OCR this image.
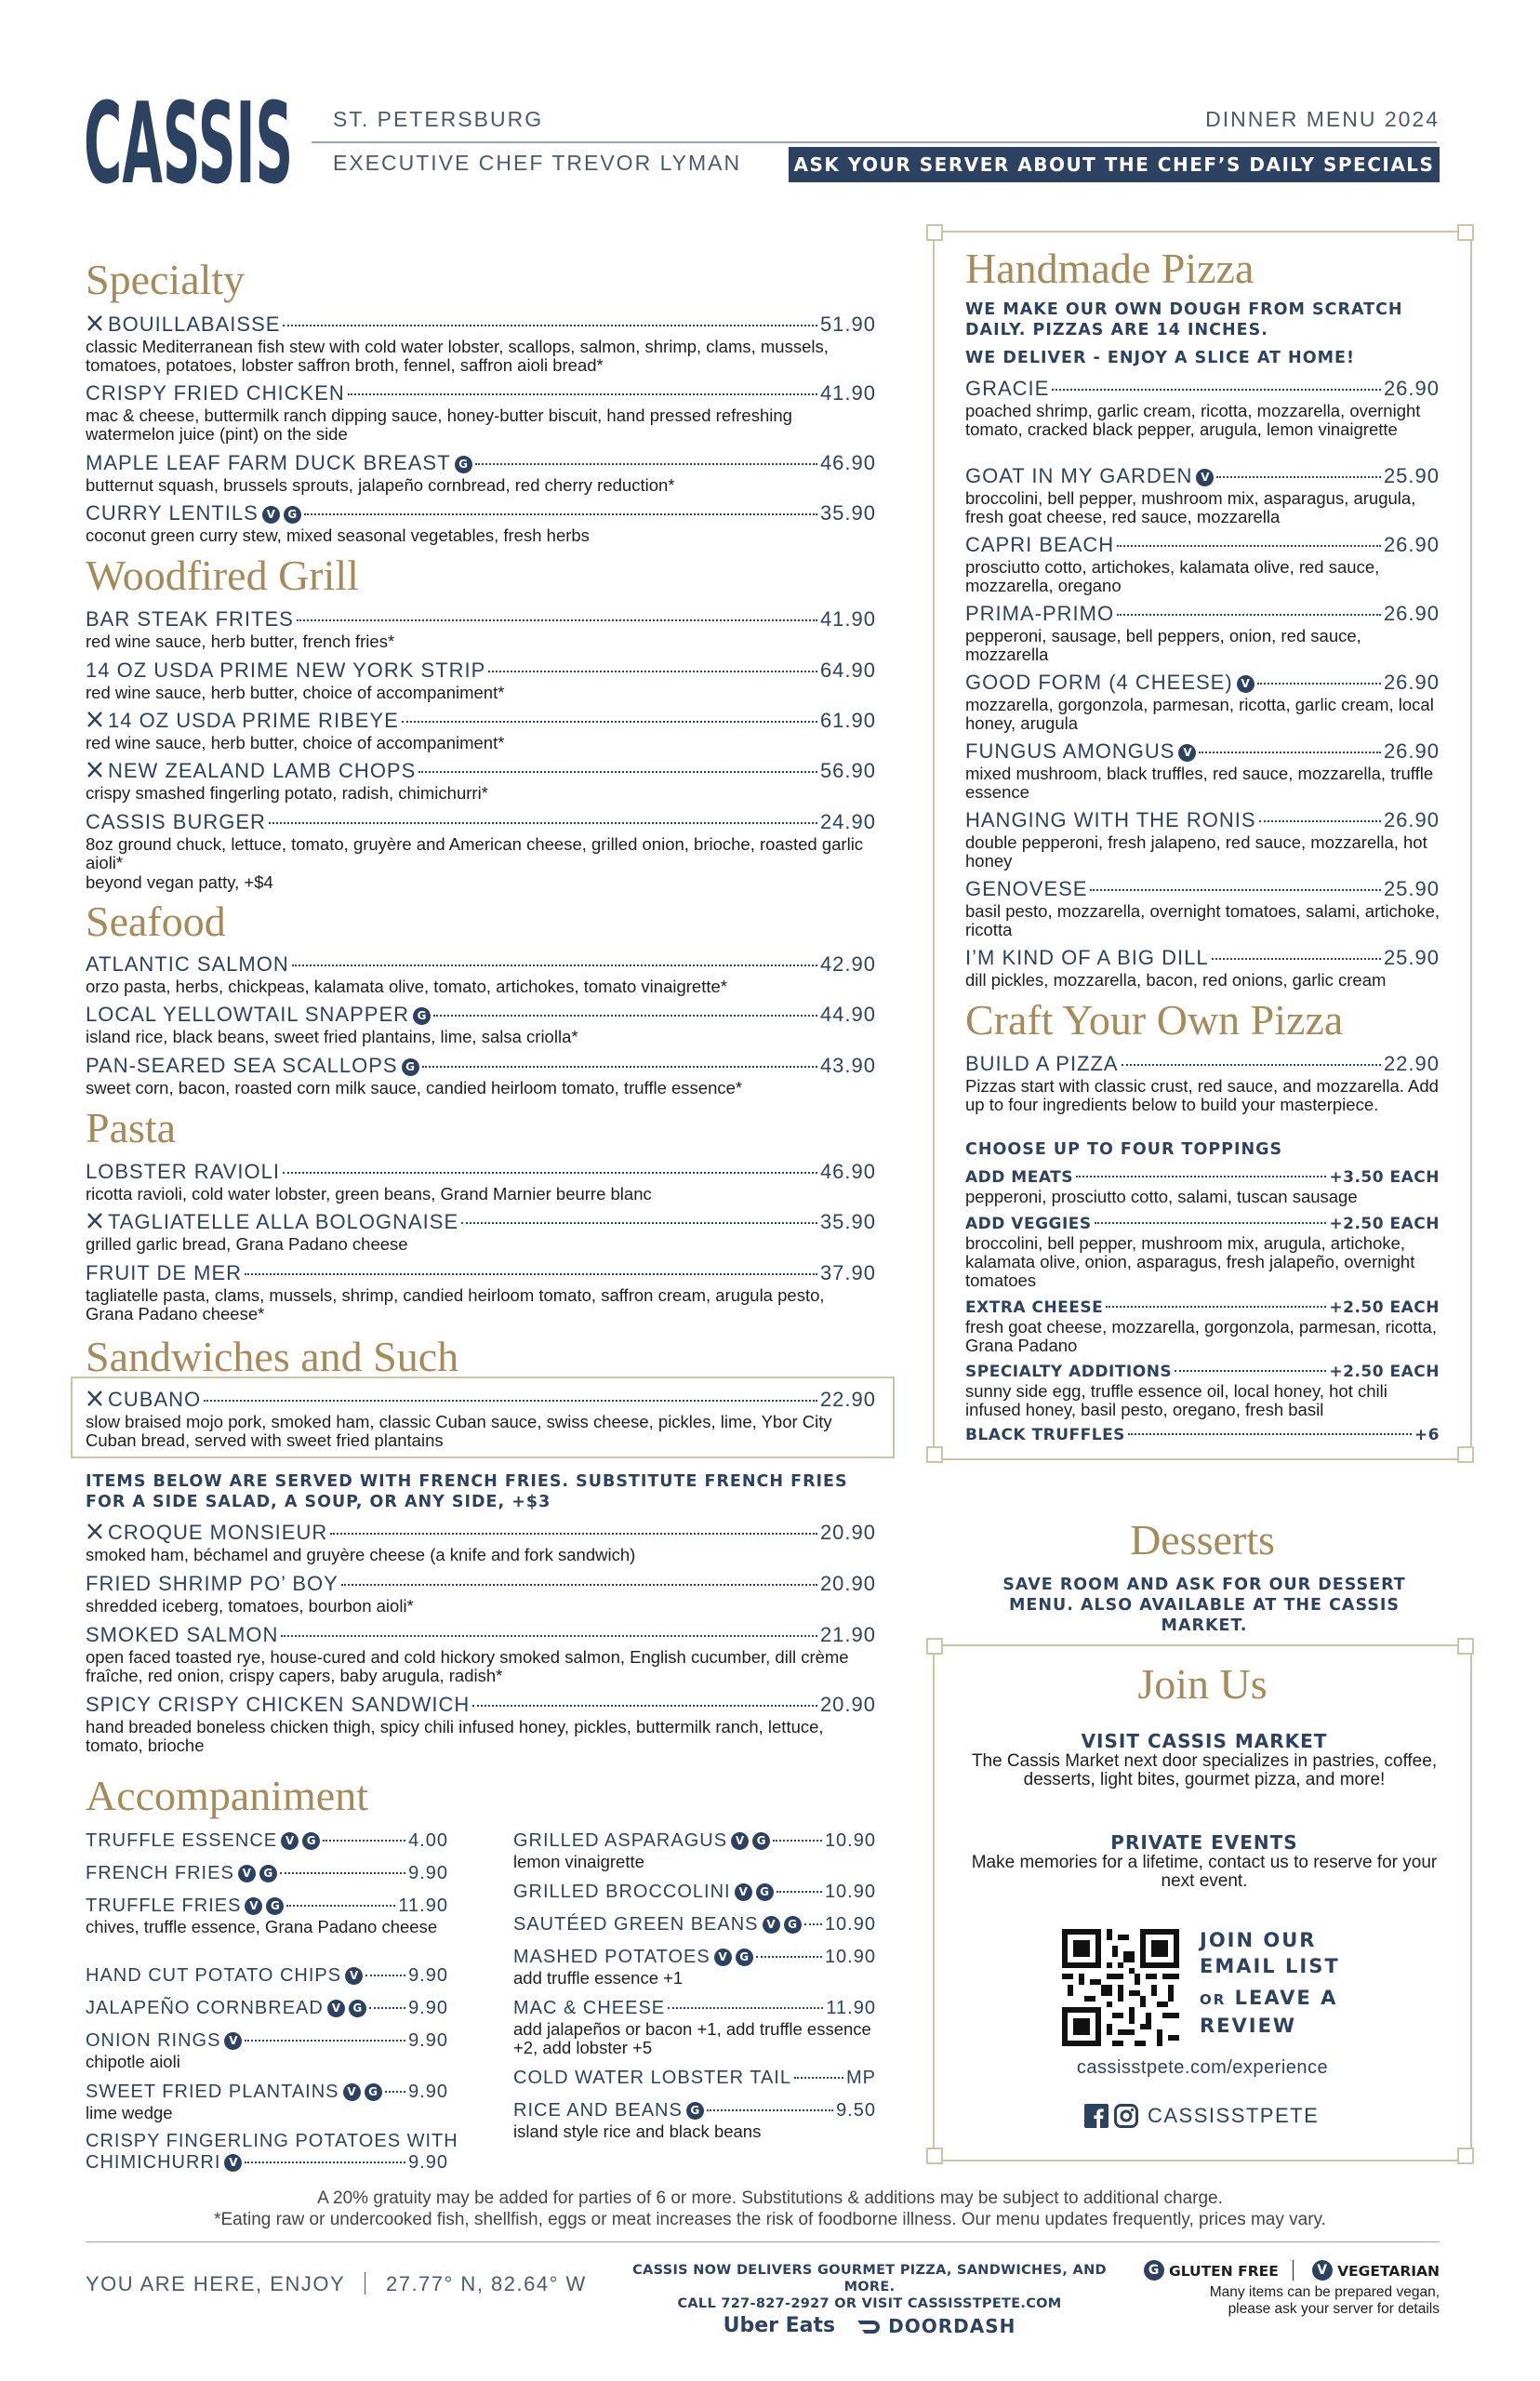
CASSIS ST. PETERSBURG	DINNER MENU 2024
EXECUTIVE CHEF TREVOR LYMAN	ASK YOUR SERVER ABOUT THE CHEF’S DAILY SPECIALS
Specialty
BOUILLABAISSE	51.90
classic Mediterranean fish stew with cold water lobster, scallops, salmon, shrimp, clams, mussels, tomatoes, potatoes, lobster saffron broth, fennel, saffron aioli bread*
CRISPY FRIED CHICKEN	41.90
mac & cheese, buttermilk ranch dipping sauce, honey-butter biscuit, hand pressed refreshing watermelon juice (pint) on the side
MAPLE LEAF FARM DUCK BREAST G	46.90
butternut squash, brussels sprouts, jalapeño cornbread, red cherry reduction*
CURRY LENTILS V G	35.90
coconut green curry stew, mixed seasonal vegetables, fresh herbs
Woodfired Grill
BAR STEAK FRITES	41.90
red wine sauce, herb butter, french fries*
14 OZ USDA PRIME NEW YORK STRIP	64.90
red wine sauce, herb butter, choice of accompaniment*
14 OZ USDA PRIME RIBEYE	61.90
red wine sauce, herb butter, choice of accompaniment*
NEW ZEALAND LAMB CHOPS	56.90
crispy smashed fingerling potato, radish, chimichurri*
CASSIS BURGER	24.90
8oz ground chuck, lettuce, tomato, gruyère and American cheese, grilled onion, brioche, roasted garlic aioli*
beyond vegan patty, +$4
Seafood
ATLANTIC SALMON	42.90
orzo pasta, herbs, chickpeas, kalamata olive, tomato, artichokes, tomato vinaigrette*
LOCAL YELLOWTAIL SNAPPER G	44.90
island rice, black beans, sweet fried plantains, lime, salsa criolla*
PAN-SEARED SEA SCALLOPS G	43.90
sweet corn, bacon, roasted corn milk sauce, candied heirloom tomato, truffle essence*
Pasta
LOBSTER RAVIOLI	46.90
ricotta ravioli, cold water lobster, green beans, Grand Marnier beurre blanc
TAGLIATELLE ALLA BOLOGNAISE	35.90
grilled garlic bread, Grana Padano cheese
FRUIT DE MER	37.90
tagliatelle pasta, clams, mussels, shrimp, candied heirloom tomato, saffron cream, arugula pesto, Grana Padano cheese*
Sandwiches and Such
CUBANO	22.90
slow braised mojo pork, smoked ham, classic Cuban sauce, swiss cheese, pickles, lime, Ybor City Cuban bread, served with sweet fried plantains
ITEMS BELOW ARE SERVED WITH FRENCH FRIES. SUBSTITUTE FRENCH FRIES FOR A SIDE SALAD, A SOUP, OR ANY SIDE, +$3
CROQUE MONSIEUR	20.90
smoked ham, béchamel and gruyère cheese (a knife and fork sandwich)
FRIED SHRIMP PO’ BOY	20.90
shredded iceberg, tomatoes, bourbon aioli*
SMOKED SALMON	21.90
open faced toasted rye, house-cured and cold hickory smoked salmon, English cucumber, dill crème fraîche, red onion, crispy capers, baby arugula, radish*
SPICY CRISPY CHICKEN SANDWICH	20.90
hand breaded boneless chicken thigh, spicy chili infused honey, pickles, buttermilk ranch, lettuce, tomato, brioche
Accompaniment
TRUFFLE ESSENCE V G	4.00
FRENCH FRIES V G	9.90
TRUFFLE FRIES V G	11.90
chives, truffle essence, Grana Padano cheese
HAND CUT POTATO CHIPS V	9.90
JALAPEÑO CORNBREAD V G 9.90
ONION RINGS V	9.90
chipotle aioli
SWEET FRIED PLANTAINS V G 9.90
lime wedge
CRISPY FINGERLING POTATOES WITH
CHIMICHURRI V	9.90
GRILLED ASPARAGUS V G	10.90
lemon vinaigrette
GRILLED BROCCOLINI V G	10.90
SAUTÉED GREEN BEANS V G 10.90
MASHED POTATOES V G	10.90
add truffle essence +1
MAC & CHEESE	11.90
add jalapeños or bacon +1, add truffle essence +2, add lobster +5
COLD WATER LOBSTER TAIL	MP
RICE AND BEANS G	9.50
island style rice and black beans
Handmade Pizza
WE MAKE OUR OWN DOUGH FROM SCRATCH DAILY. PIZZAS ARE 14 INCHES.
WE DELIVER - ENJOY A SLICE AT HOME!
GRACIE	26.90
poached shrimp, garlic cream, ricotta, mozzarella, overnight tomato, cracked black pepper, arugula, lemon vinaigrette
GOAT IN MY GARDEN V	25.90
broccolini, bell pepper, mushroom mix, asparagus, arugula, fresh goat cheese, red sauce, mozzarella
CAPRI BEACH	26.90
prosciutto cotto, artichokes, kalamata olive, red sauce, mozzarella, oregano
PRIMA-PRIMO	26.90
pepperoni, sausage, bell peppers, onion, red sauce, mozzarella
GOOD FORM (4 CHEESE) V	26.90
mozzarella, gorgonzola, parmesan, ricotta, garlic cream, local honey, arugula
FUNGUS AMONGUS V	26.90
mixed mushroom, black truffles, red sauce, mozzarella, truffle essence
HANGING WITH THE RONIS	26.90
double pepperoni, fresh jalapeno, red sauce, mozzarella, hot honey
GENOVESE	25.90
basil pesto, mozzarella, overnight tomatoes, salami, artichoke, ricotta
I’M KIND OF A BIG DILL	25.90
dill pickles, mozzarella, bacon, red onions, garlic cream
Craft Your Own Pizza
BUILD A PIZZA	22.90
Pizzas start with classic crust, red sauce, and mozzarella. Add up to four ingredients below to build your masterpiece.
CHOOSE UP TO FOUR TOPPINGS
ADD MEATS	+3.50 EACH
pepperoni, prosciutto cotto, salami, tuscan sausage
ADD VEGGIES	+2.50 EACH
broccolini, bell pepper, mushroom mix, arugula, artichoke, kalamata olive, onion, asparagus, fresh jalapeño, overnight tomatoes
EXTRA CHEESE	+2.50 EACH
fresh goat cheese, mozzarella, gorgonzola, parmesan, ricotta, Grana Padano
SPECIALTY ADDITIONS	+2.50 EACH
sunny side egg, truffle essence oil, local honey, hot chili infused honey, basil pesto, oregano, fresh basil
BLACK TRUFFLES	+6
Desserts
SAVE ROOM AND ASK FOR OUR DESSERT MENU. ALSO AVAILABLE AT THE CASSIS MARKET.
Join Us
VISIT CASSIS MARKET
The Cassis Market next door specializes in pastries, coffee, desserts, light bites, gourmet pizza, and more!
PRIVATE EVENTS
Make memories for a lifetime, contact us to reserve for your next event.
JOIN OUR
EMAIL LIST
OR LEAVE A
REVIEW
cassisstpete.com/experience
CASSISSTPETE
A 20% gratuity may be added for parties of 6 or more. Substitutions & additions may be subject to additional charge.
*Eating raw or undercooked fish, shellfish, eggs or meat increases the risk of foodborne illness. Our menu updates frequently, prices may vary.
YOU ARE HERE, ENJOY 27.77° N, 82.64° W
CASSIS NOW DELIVERS GOURMET PIZZA, SANDWICHES, AND MORE.
CALL 727-827-2927 OR VISIT CASSISSTPETE.COM
Uber Eats	DOORDASH
G GLUTEN FREE	V VEGETARIAN
Many items can be prepared vegan,
please ask your server for details
